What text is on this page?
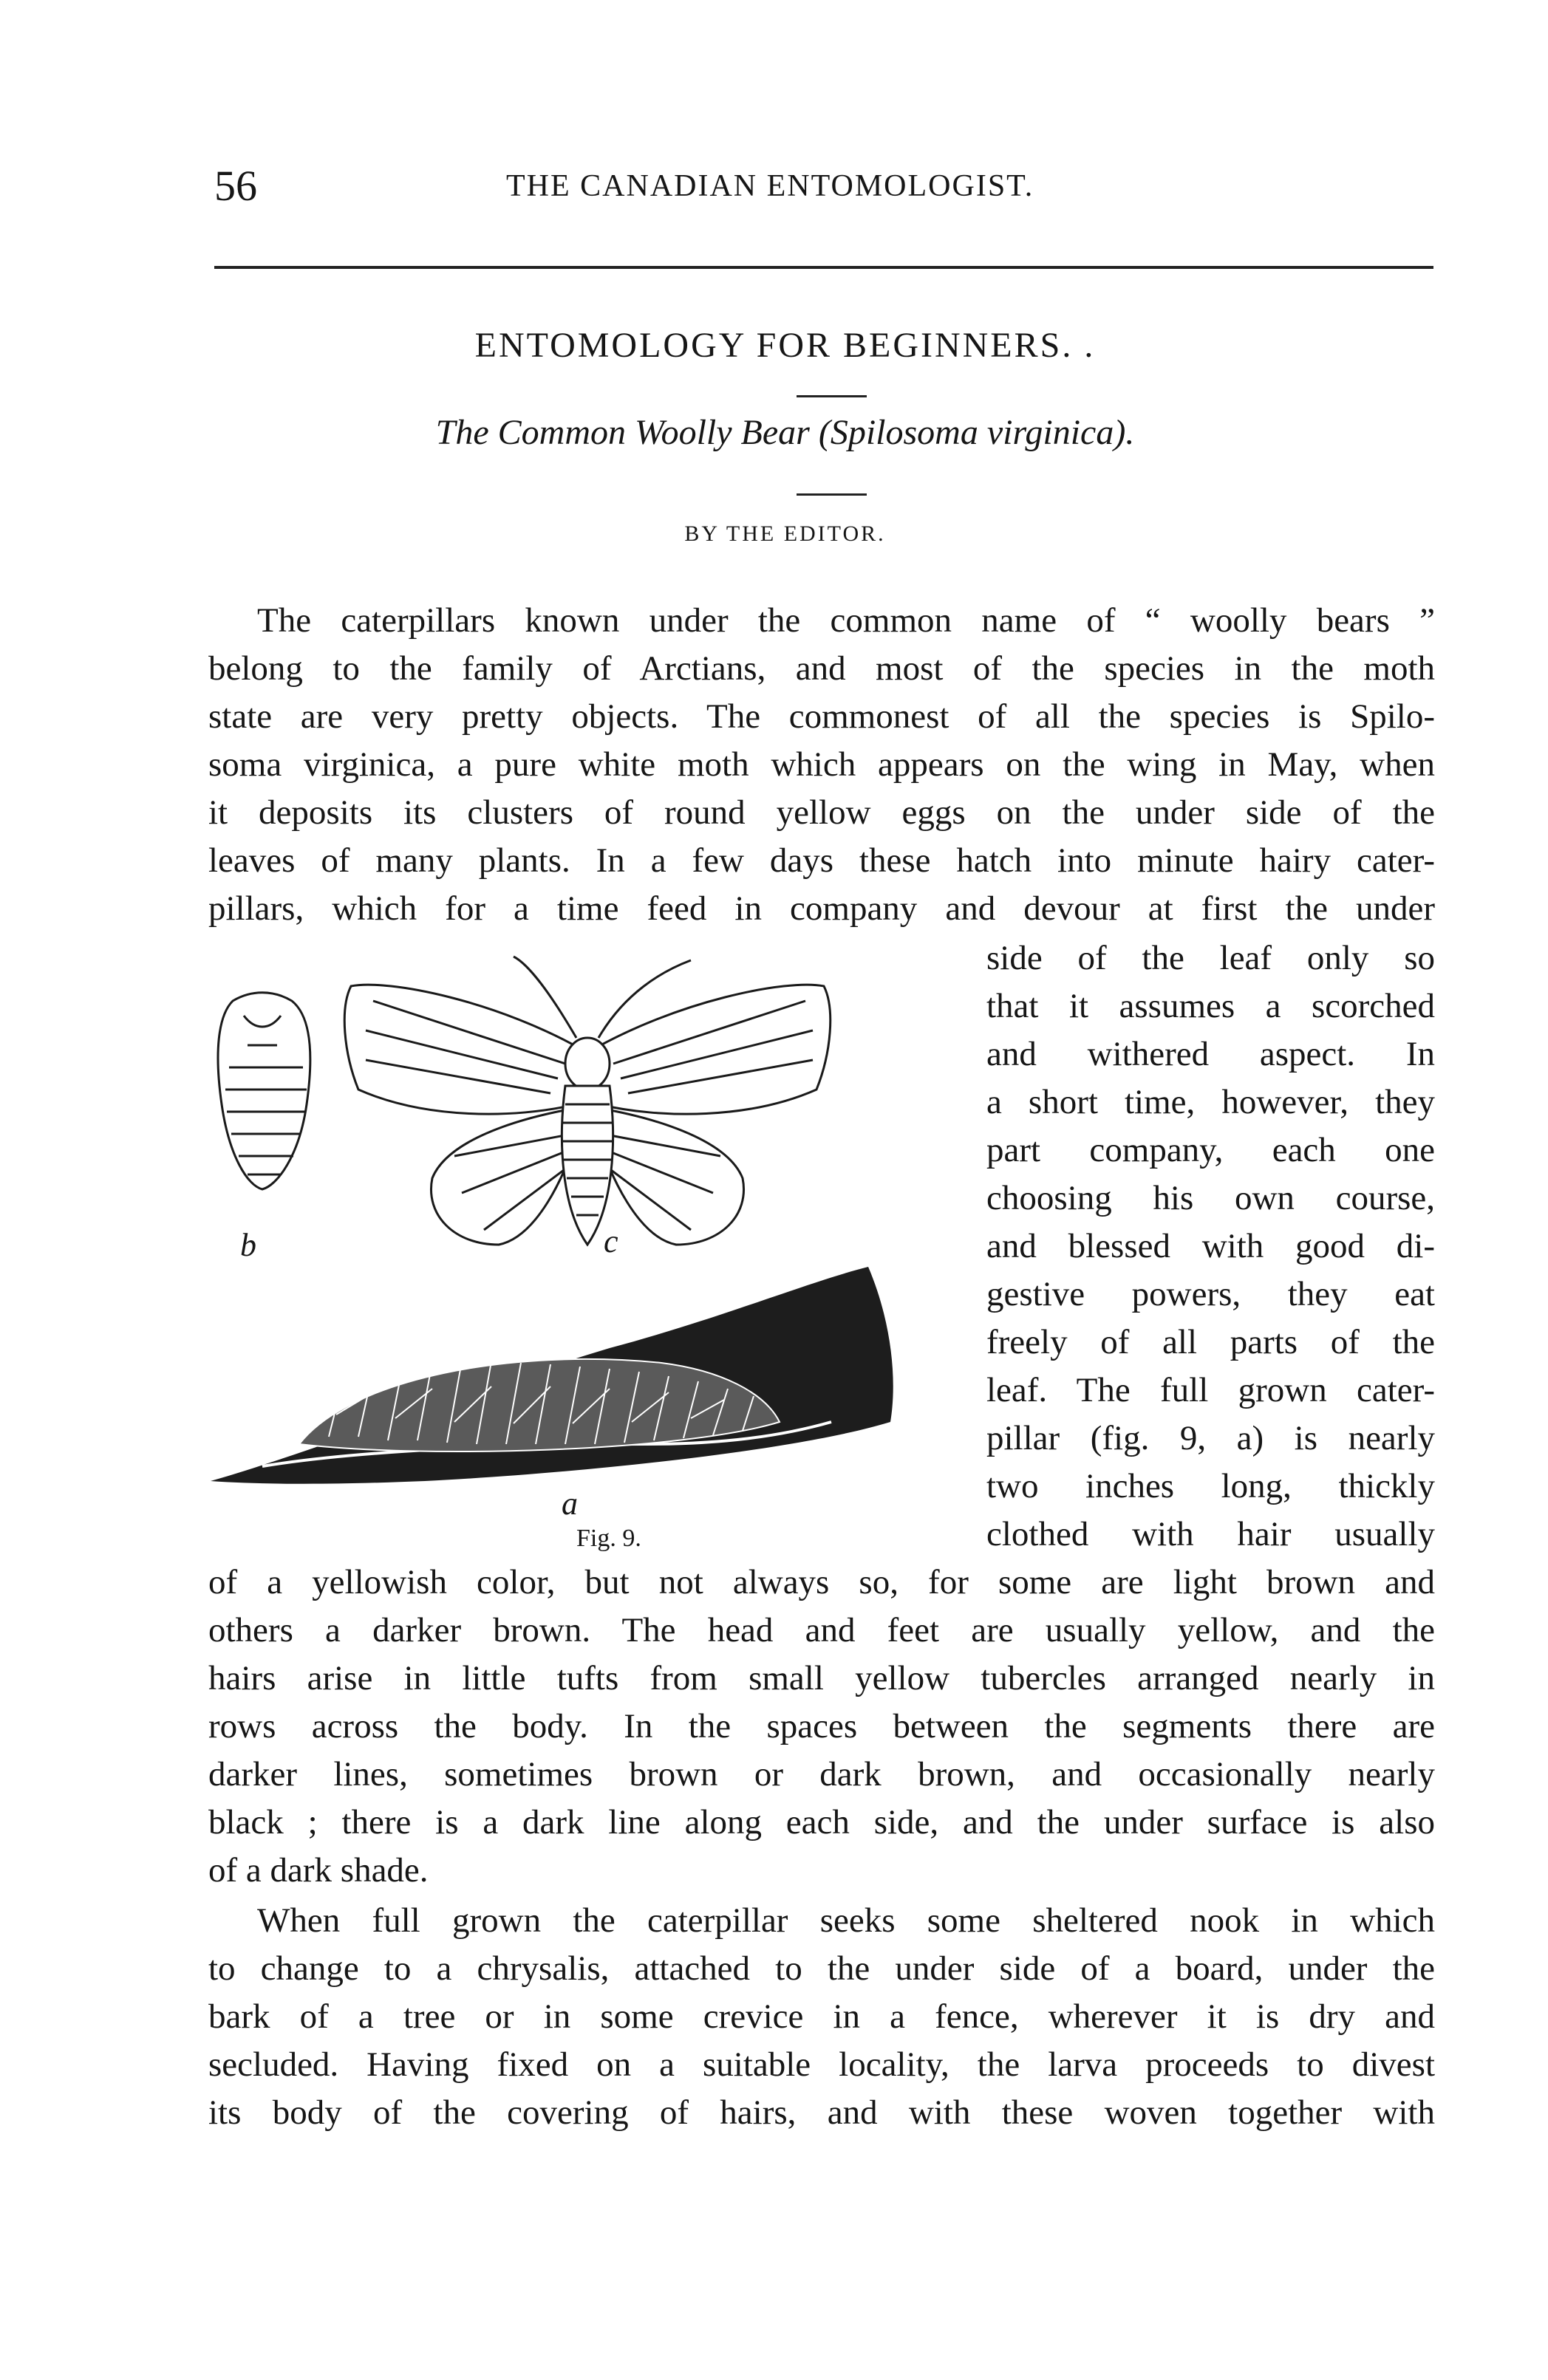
56	THE CANADIAN ENTOMOLOGIST.
ENTOMOLOGY FOR BEGINNERS. .
The Common Woolly Bear (Spilosoma virginica).
BY THE EDITOR.

The caterpillars known under the common name of “ woolly bears ”
belong to the family of Arctians, and most of the species in the moth
state are very pretty objects. The commonest of all the species is Spilo-
soma virginica, a pure white moth which appears on the wing in May, when
it deposits its clusters of round yellow eggs on the under side of the
leaves of many plants. In a few days these hatch into minute hairy cater-
pillars, which for a time feed in company and devour at first the under

b	c
a
Fig. 9.

side of the leaf only so
that it assumes a scorched
and withered aspect. In
a short time, however, they
part company, each one
choosing his own course,
and blessed with good di-
gestive powers, they eat
freely of all parts of the
leaf. The full grown cater-
pillar (fig. 9, a) is nearly
two inches long, thickly
clothed with hair usually

of a yellowish color, but not always so, for some are light brown and
others a darker brown. The head and feet are usually yellow, and the
hairs arise in little tufts from small yellow tubercles arranged nearly in
rows across the body. In the spaces between the segments there are
darker lines, sometimes brown or dark brown, and occasionally nearly
black ; there is a dark line along each side, and the under surface is also
of a dark shade.

When full grown the caterpillar seeks some sheltered nook in which
to change to a chrysalis, attached to the under side of a board, under the
bark of a tree or in some crevice in a fence, wherever it is dry and
secluded. Having fixed on a suitable locality, the larva proceeds to divest
its body of the covering of hairs, and with these woven together with
